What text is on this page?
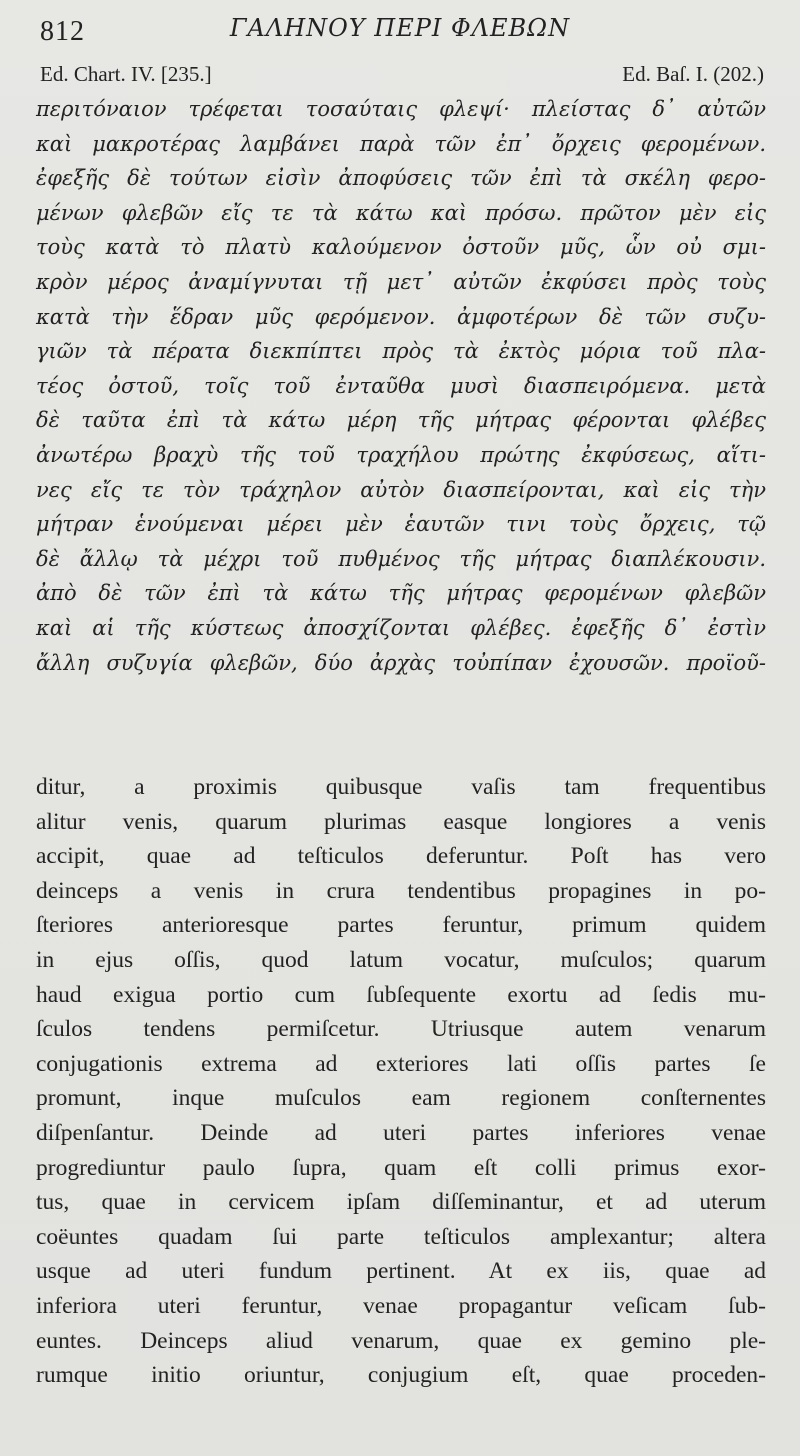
812	ΓΑΛΗΝΟΥ ΠΕΡΙ ΦΛΕΒΩΝ
Ed. Chart. IV. [235.]	Ed. Baſ. I. (202.)
περιτόναιον τρέφεται τοσαύταις φλεψί· πλείστας δ᾽ αὐτῶν
καὶ μακροτέρας λαμβάνει παρὰ τῶν ἐπ᾽ ὄρχεις φερομένων.
ἐφεξῆς δὲ τούτων εἰσὶν ἀποφύσεις τῶν ἐπὶ τὰ σκέλη φερο-
μένων φλεβῶν εἴς τε τὰ κάτω καὶ πρόσω. πρῶτον μὲν εἰς
τοὺς κατὰ τὸ πλατὺ καλούμενον ὀστοῦν μῦς, ὧν οὐ σμι-
κρὸν μέρος ἀναμίγνυται τῇ μετ᾽ αὐτῶν ἐκφύσει πρὸς τοὺς
κατὰ τὴν ἕδραν μῦς φερόμενον. ἀμφοτέρων δὲ τῶν συζυ-
γιῶν τὰ πέρατα διεκπίπτει πρὸς τὰ ἐκτὸς μόρια τοῦ πλα-
τέος ὀστοῦ, τοῖς τοῦ ἐνταῦθα μυσὶ διασπειρόμενα. μετὰ
δὲ ταῦτα ἐπὶ τὰ κάτω μέρη τῆς μήτρας φέρονται φλέβες
ἀνωτέρω βραχὺ τῆς τοῦ τραχήλου πρώτης ἐκφύσεως, αἵτι-
νες εἴς τε τὸν τράχηλον αὐτὸν διασπείρονται, καὶ εἰς τὴν
μήτραν ἑνούμεναι μέρει μὲν ἑαυτῶν τινι τοὺς ὄρχεις, τῷ
δὲ ἄλλῳ τὰ μέχρι τοῦ πυθμένος τῆς μήτρας διαπλέκουσιν.
ἀπὸ δὲ τῶν ἐπὶ τὰ κάτω τῆς μήτρας φερομένων φλεβῶν
καὶ αἱ τῆς κύστεως ἀποσχίζονται φλέβες. ἐφεξῆς δ᾽ ἐστὶν
ἄλλη συζυγία φλεβῶν, δύο ἀρχὰς τοὐπίπαν ἐχουσῶν. προϊοῦ-
ditur, a proximis quibusque vaſis tam frequentibus
alitur venis, quarum plurimas easque longiores a venis
accipit, quae ad teſticulos deferuntur. Poſt has vero
deinceps a venis in crura tendentibus propagines in po-
ſteriores anterioresque partes feruntur, primum quidem
in ejus oſſis, quod latum vocatur, muſculos; quarum
haud exigua portio cum ſubſequente exortu ad ſedis mu-
ſculos tendens permiſcetur. Utriusque autem venarum
conjugationis extrema ad exteriores lati oſſis partes ſe
promunt, inque muſculos eam regionem conſternentes
diſpenſantur. Deinde ad uteri partes inferiores venae
progrediuntur paulo ſupra, quam eſt colli primus exor-
tus, quae in cervicem ipſam diſſeminantur, et ad uterum
coëuntes quadam ſui parte teſticulos amplexantur; altera
usque ad uteri fundum pertinent. At ex iis, quae ad
inferiora uteri feruntur, venae propagantur veſicam ſub-
euntes. Deinceps aliud venarum, quae ex gemino ple-
rumque initio oriuntur, conjugium eſt, quae proceden-
